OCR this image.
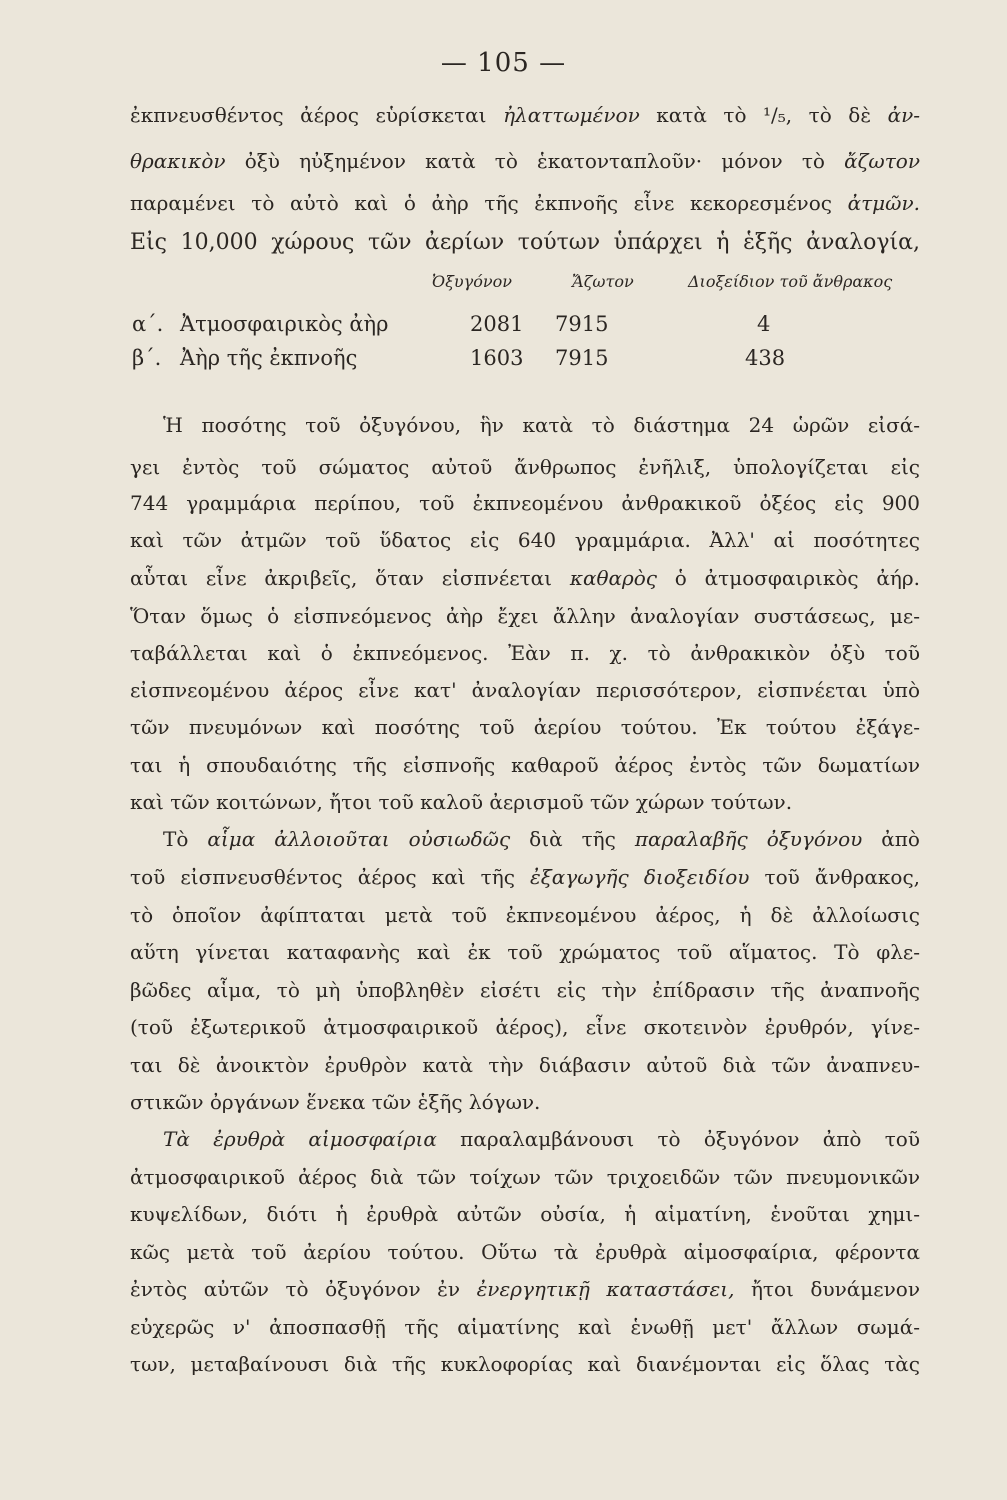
— 105 —
ἐκπνευσθέντος ἀέρος εὑρίσκεται ἠλαττωμένον κατὰ τὸ ¹/₅, τὸ δὲ ἀν-
θρακικὸν ὀξὺ ηὐξημένον κατὰ τὸ ἑκατονταπλοῦν· μόνον τὸ ἄζωτον
παραμένει τὸ αὐτὸ καὶ ὁ ἀὴρ τῆς ἐκπνοῆς εἶνε κεκορεσμένος ἀτμῶν.
Εἰς 10,000 χώρους τῶν ἀερίων τούτων ὑπάρχει ἡ ἑξῆς ἀναλογία,
Ὀξυγόνον	Ἄζωτον	Διοξείδιον τοῦ ἄνθρακος
α΄. Ἀτμοσφαιρικὸς ἀὴρ	2081 7915	4
β΄. Ἀὴρ τῆς ἐκπνοῆς	1603 7915	438
Ἡ ποσότης τοῦ ὀξυγόνου, ἣν κατὰ τὸ διάστημα 24 ὡρῶν εἰσά-
γει ἐντὸς τοῦ σώματος αὐτοῦ ἄνθρωπος ἐνῆλιξ, ὑπολογίζεται εἰς
744 γραμμάρια περίπου, τοῦ ἐκπνεομένου ἀνθρακικοῦ ὀξέος εἰς 900
καὶ τῶν ἀτμῶν τοῦ ὕδατος εἰς 640 γραμμάρια. Ἀλλ' αἱ ποσότητες
αὗται εἶνε ἀκριβεῖς, ὅταν εἰσπνέεται καθαρὸς ὁ ἀτμοσφαιρικὸς ἀήρ.
Ὅταν ὅμως ὁ εἰσπνεόμενος ἀὴρ ἔχει ἄλλην ἀναλογίαν συστάσεως, με-
ταβάλλεται καὶ ὁ ἐκπνεόμενος. Ἐὰν π. χ. τὸ ἀνθρακικὸν ὀξὺ τοῦ
εἰσπνεομένου ἀέρος εἶνε κατ' ἀναλογίαν περισσότερον, εἰσπνέεται ὑπὸ
τῶν πνευμόνων καὶ ποσότης τοῦ ἀερίου τούτου. Ἐκ τούτου ἐξάγε-
ται ἡ σπουδαιότης τῆς εἰσπνοῆς καθαροῦ ἀέρος ἐντὸς τῶν δωματίων
καὶ τῶν κοιτώνων, ἤτοι τοῦ καλοῦ ἀερισμοῦ τῶν χώρων τούτων.
Τὸ αἷμα ἀλλοιοῦται οὐσιωδῶς διὰ τῆς παραλαβῆς ὀξυγόνου ἀπὸ
τοῦ εἰσπνευσθέντος ἀέρος καὶ τῆς ἐξαγωγῆς διοξειδίου τοῦ ἄνθρακος,
τὸ ὁποῖον ἀφίπταται μετὰ τοῦ ἐκπνεομένου ἀέρος, ἡ δὲ ἀλλοίωσις
αὕτη γίνεται καταφανὴς καὶ ἐκ τοῦ χρώματος τοῦ αἵματος. Τὸ φλε-
βῶδες αἷμα, τὸ μὴ ὑποβληθὲν εἰσέτι εἰς τὴν ἐπίδρασιν τῆς ἀναπνοῆς
(τοῦ ἐξωτερικοῦ ἀτμοσφαιρικοῦ ἀέρος), εἶνε σκοτεινὸν ἐρυθρόν, γίνε-
ται δὲ ἀνοικτὸν ἐρυθρὸν κατὰ τὴν διάβασιν αὐτοῦ διὰ τῶν ἀναπνευ-
στικῶν ὀργάνων ἕνεκα τῶν ἑξῆς λόγων.
Τὰ ἐρυθρὰ αἱμοσφαίρια παραλαμβάνουσι τὸ ὀξυγόνον ἀπὸ τοῦ
ἀτμοσφαιρικοῦ ἀέρος διὰ τῶν τοίχων τῶν τριχοειδῶν τῶν πνευμονικῶν
κυψελίδων, διότι ἡ ἐρυθρὰ αὐτῶν οὐσία, ἡ αἱματίνη, ἑνοῦται χημι-
κῶς μετὰ τοῦ ἀερίου τούτου. Οὕτω τὰ ἐρυθρὰ αἱμοσφαίρια, φέροντα
ἐντὸς αὐτῶν τὸ ὀξυγόνον ἐν ἐνεργητικῇ καταστάσει, ἤτοι δυνάμενον
εὐχερῶς ν' ἀποσπασθῇ τῆς αἱματίνης καὶ ἑνωθῇ μετ' ἄλλων σωμά-
των, μεταβαίνουσι διὰ τῆς κυκλοφορίας καὶ διανέμονται εἰς ὅλας τὰς
